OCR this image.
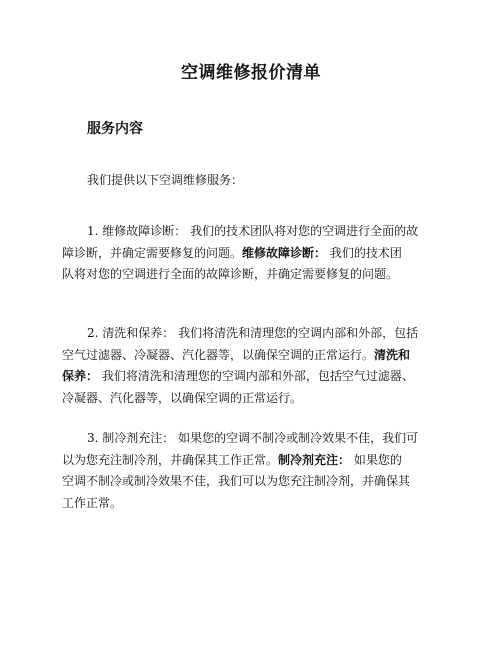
空调维修报价清单
服务内容

我们提供以下空调维修服务：

1. 维修故障诊断： 我们的技术团队将对您的空调进行全面的故
障诊断，并确定需要修复的问题。维修故障诊断： 我们的技术团
队将对您的空调进行全面的故障诊断，并确定需要修复的问题。

2. 清洗和保养： 我们将清洗和清理您的空调内部和外部，包括
空气过滤器、冷凝器、汽化器等，以确保空调的正常运行。清洗和
保养： 我们将清洗和清理您的空调内部和外部，包括空气过滤器、
冷凝器、汽化器等，以确保空调的正常运行。

3. 制冷剂充注： 如果您的空调不制冷或制冷效果不佳，我们可
以为您充注制冷剂，并确保其工作正常。制冷剂充注： 如果您的
空调不制冷或制冷效果不佳，我们可以为您充注制冷剂，并确保其
工作正常。
